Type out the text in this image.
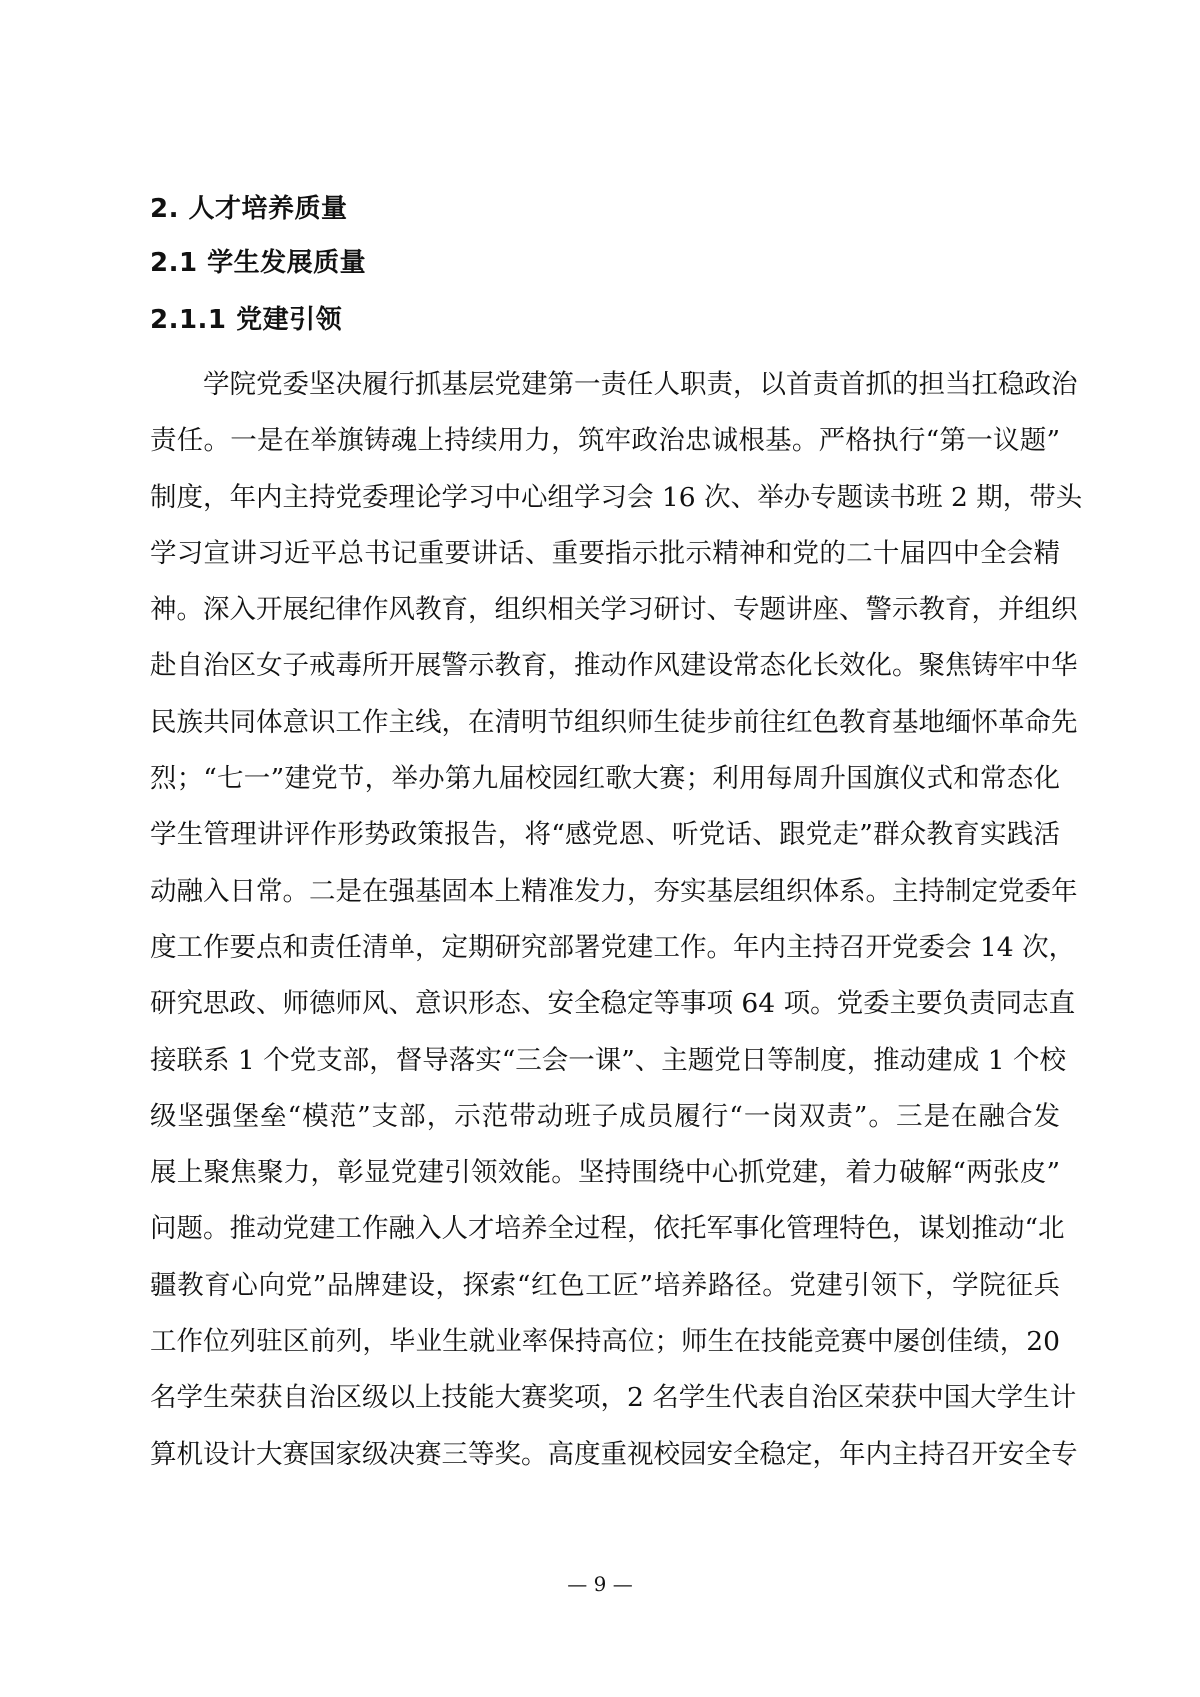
2. 人才培养质量
2.1 学生发展质量
2.1.1 党建引领
学院党委坚决履行抓基层党建第一责任人职责，以首责首抓的担当扛稳政治
责任。一是在举旗铸魂上持续用力，筑牢政治忠诚根基。严格执行“第一议题”
制度，年内主持党委理论学习中心组学习会 16 次、举办专题读书班 2 期，带头
学习宣讲习近平总书记重要讲话、重要指示批示精神和党的二十届四中全会精
神。深入开展纪律作风教育，组织相关学习研讨、专题讲座、警示教育，并组织
赴自治区女子戒毒所开展警示教育，推动作风建设常态化长效化。聚焦铸牢中华
民族共同体意识工作主线，在清明节组织师生徒步前往红色教育基地缅怀革命先
烈；“七一”建党节，举办第九届校园红歌大赛；利用每周升国旗仪式和常态化
学生管理讲评作形势政策报告，将“感党恩、听党话、跟党走”群众教育实践活
动融入日常。二是在强基固本上精准发力，夯实基层组织体系。主持制定党委年
度工作要点和责任清单，定期研究部署党建工作。年内主持召开党委会 14 次，
研究思政、师德师风、意识形态、安全稳定等事项 64 项。党委主要负责同志直
接联系 1 个党支部，督导落实“三会一课”、主题党日等制度，推动建成 1 个校
级坚强堡垒“模范”支部，示范带动班子成员履行“一岗双责”。三是在融合发
展上聚焦聚力，彰显党建引领效能。坚持围绕中心抓党建，着力破解“两张皮”
问题。推动党建工作融入人才培养全过程，依托军事化管理特色，谋划推动“北
疆教育心向党”品牌建设，探索“红色工匠”培养路径。党建引领下，学院征兵
工作位列驻区前列，毕业生就业率保持高位；师生在技能竞赛中屡创佳绩，20
名学生荣获自治区级以上技能大赛奖项，2 名学生代表自治区荣获中国大学生计
算机设计大赛国家级决赛三等奖。高度重视校园安全稳定，年内主持召开安全专
— 9 —
